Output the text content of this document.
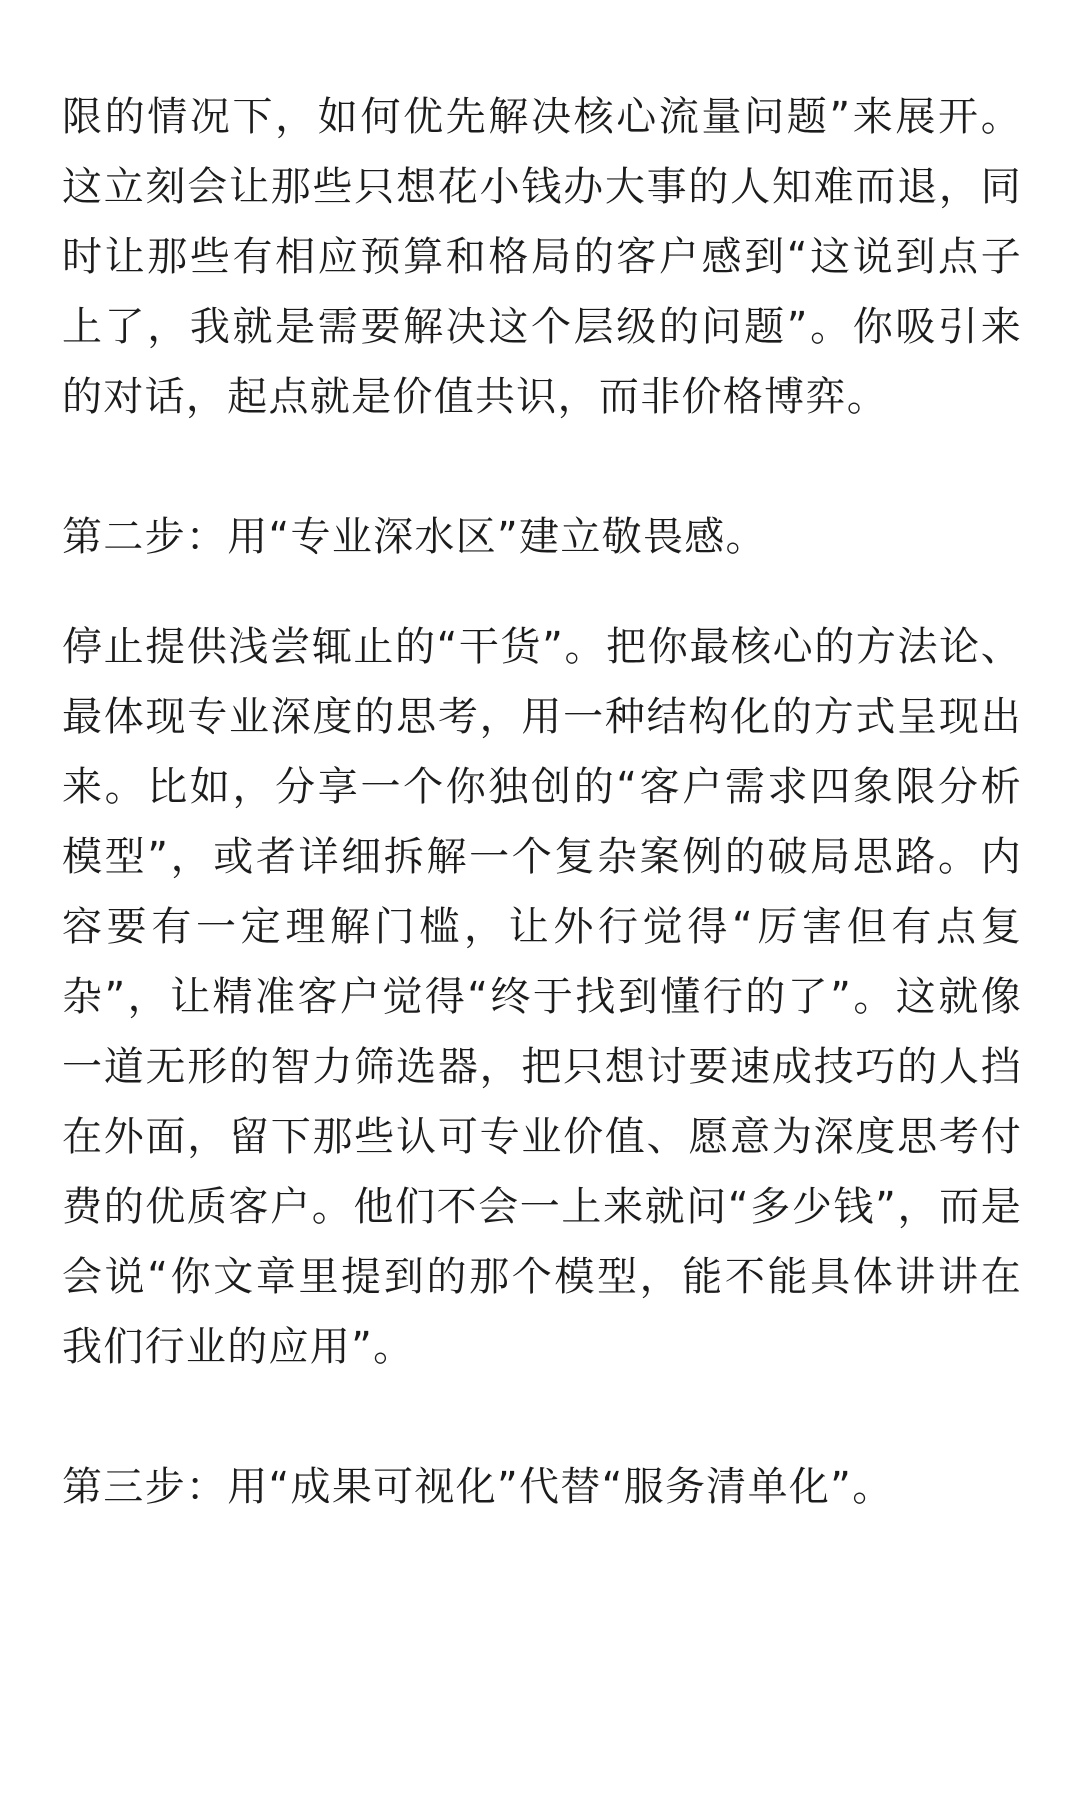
限的情况下，如何优先解决核心流量问题”来展开。这立刻会让那些只想花小钱办大事的人知难而退，同时让那些有相应预算和格局的客户感到“这说到点子上了，我就是需要解决这个层级的问题”。你吸引来的对话，起点就是价值共识，而非价格博弈。

第二步：用“专业深水区”建立敬畏感。

停止提供浅尝辄止的“干货”。把你最核心的方法论、最体现专业深度的思考，用一种结构化的方式呈现出来。比如，分享一个你独创的“客户需求四象限分析模型”，或者详细拆解一个复杂案例的破局思路。内容要有一定理解门槛，让外行觉得“厉害但有点复杂”，让精准客户觉得“终于找到懂行的了”。这就像一道无形的智力筛选器，把只想讨要速成技巧的人挡在外面，留下那些认可专业价值、愿意为深度思考付费的优质客户。他们不会一上来就问“多少钱”，而是会说“你文章里提到的那个模型，能不能具体讲讲在我们行业的应用”。

第三步：用“成果可视化”代替“服务清单化”。
